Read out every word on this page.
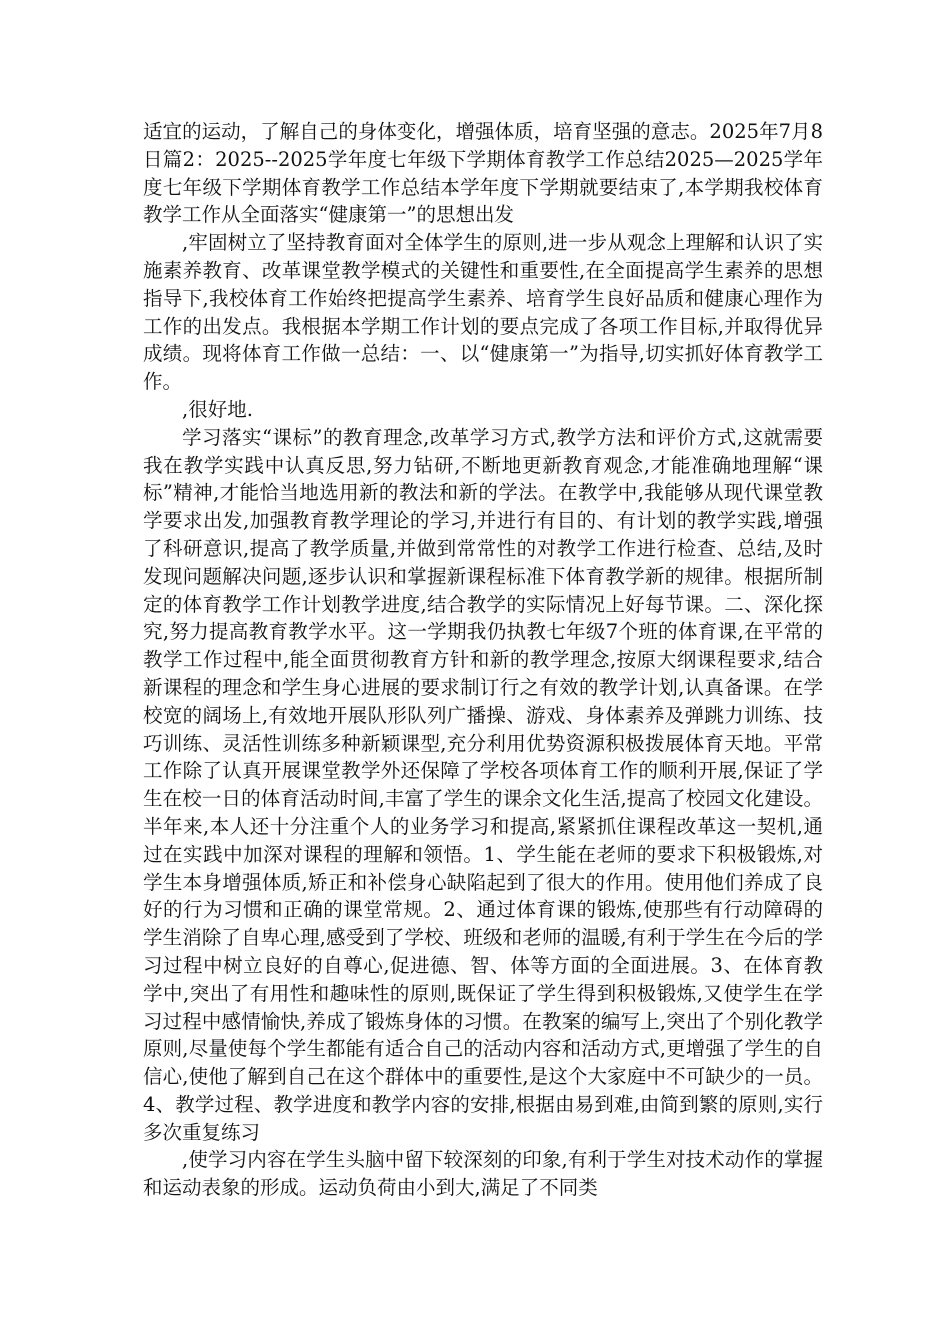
适宜的运动，了解自己的身体变化，增强体质，培育坚强的意志。2025年7月8日篇2：2025--2025学年度七年级下学期体育教学工作总结2025—2025学年度七年级下学期体育教学工作总结本学年度下学期就要结束了,本学期我校体育教学工作从全面落实“健康第一”的思想出发

,牢固树立了坚持教育面对全体学生的原则,进一步从观念上理解和认识了实施素养教育、改革课堂教学模式的关键性和重要性,在全面提高学生素养的思想指导下,我校体育工作始终把提高学生素养、培育学生良好品质和健康心理作为工作的出发点。我根据本学期工作计划的要点完成了各项工作目标,并取得优异成绩。现将体育工作做一总结：一、以“健康第一”为指导,切实抓好体育教学工作。

,很好地.

学习落实“课标”的教育理念,改革学习方式,教学方法和评价方式,这就需要我在教学实践中认真反思,努力钻研,不断地更新教育观念,才能准确地理解“课标”精神,才能恰当地选用新的教法和新的学法。在教学中,我能够从现代课堂教学要求出发,加强教育教学理论的学习,并进行有目的、有计划的教学实践,增强了科研意识,提高了教学质量,并做到常常性的对教学工作进行检查、总结,及时发现问题解决问题,逐步认识和掌握新课程标准下体育教学新的规律。根据所制定的体育教学工作计划教学进度,结合教学的实际情况上好每节课。二、深化探究,努力提高教育教学水平。这一学期我仍执教七年级7个班的体育课,在平常的教学工作过程中,能全面贯彻教育方针和新的教学理念,按原大纲课程要求,结合新课程的理念和学生身心进展的要求制订行之有效的教学计划,认真备课。在学校宽的阔场上,有效地开展队形队列广播操、游戏、身体素养及弹跳力训练、技巧训练、灵活性训练多种新颖课型,充分利用优势资源积极拨展体育天地。平常工作除了认真开展课堂教学外还保障了学校各项体育工作的顺利开展,保证了学生在校一日的体育活动时间,丰富了学生的课余文化生活,提高了校园文化建设。半年来,本人还十分注重个人的业务学习和提高,紧紧抓住课程改革这一契机,通过在实践中加深对课程的理解和领悟。1、学生能在老师的要求下积极锻炼,对学生本身增强体质,矫正和补偿身心缺陷起到了很大的作用。使用他们养成了良好的行为习惯和正确的课堂常规。2、通过体育课的锻炼,使那些有行动障碍的学生消除了自卑心理,感受到了学校、班级和老师的温暖,有利于学生在今后的学习过程中树立良好的自尊心,促进德、智、体等方面的全面进展。3、在体育教学中,突出了有用性和趣味性的原则,既保证了学生得到积极锻炼,又使学生在学习过程中感情愉快,养成了锻炼身体的习惯。在教案的编写上,突出了个别化教学原则,尽量使每个学生都能有适合自己的活动内容和活动方式,更增强了学生的自信心,使他了解到自己在这个群体中的重要性,是这个大家庭中不可缺少的一员。4、教学过程、教学进度和教学内容的安排,根据由易到难,由简到繁的原则,实行多次重复练习

,使学习内容在学生头脑中留下较深刻的印象,有利于学生对技术动作的掌握和运动表象的形成。运动负荷由小到大,满足了不同类
